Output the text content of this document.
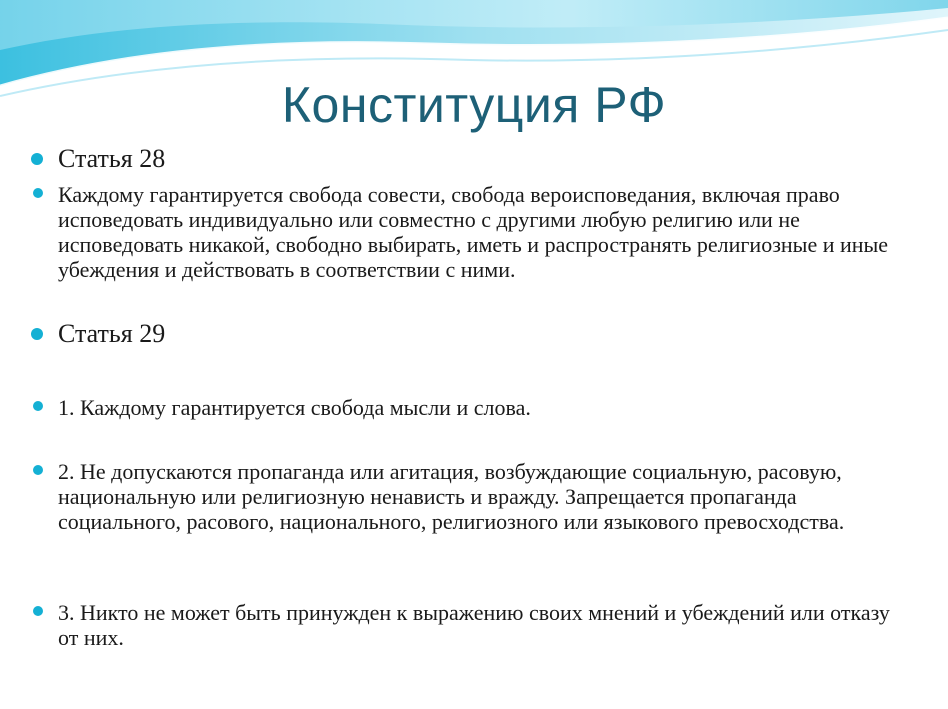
Конституция РФ
Статья 28
Каждому гарантируется свобода совести, свобода вероисповедания, включая право исповедовать индивидуально или совместно с другими любую религию или не исповедовать никакой, свободно выбирать, иметь и распространять религиозные и иные убеждения и действовать в соответствии с ними.
Статья 29
1. Каждому гарантируется свобода мысли и слова.
2. Не допускаются пропаганда или агитация, возбуждающие социальную, расовую, национальную или религиозную ненависть и вражду. Запрещается пропаганда социального, расового, национального, религиозного или языкового превосходства.
3. Никто не может быть принужден к выражению своих мнений и убеждений или отказу от них.
